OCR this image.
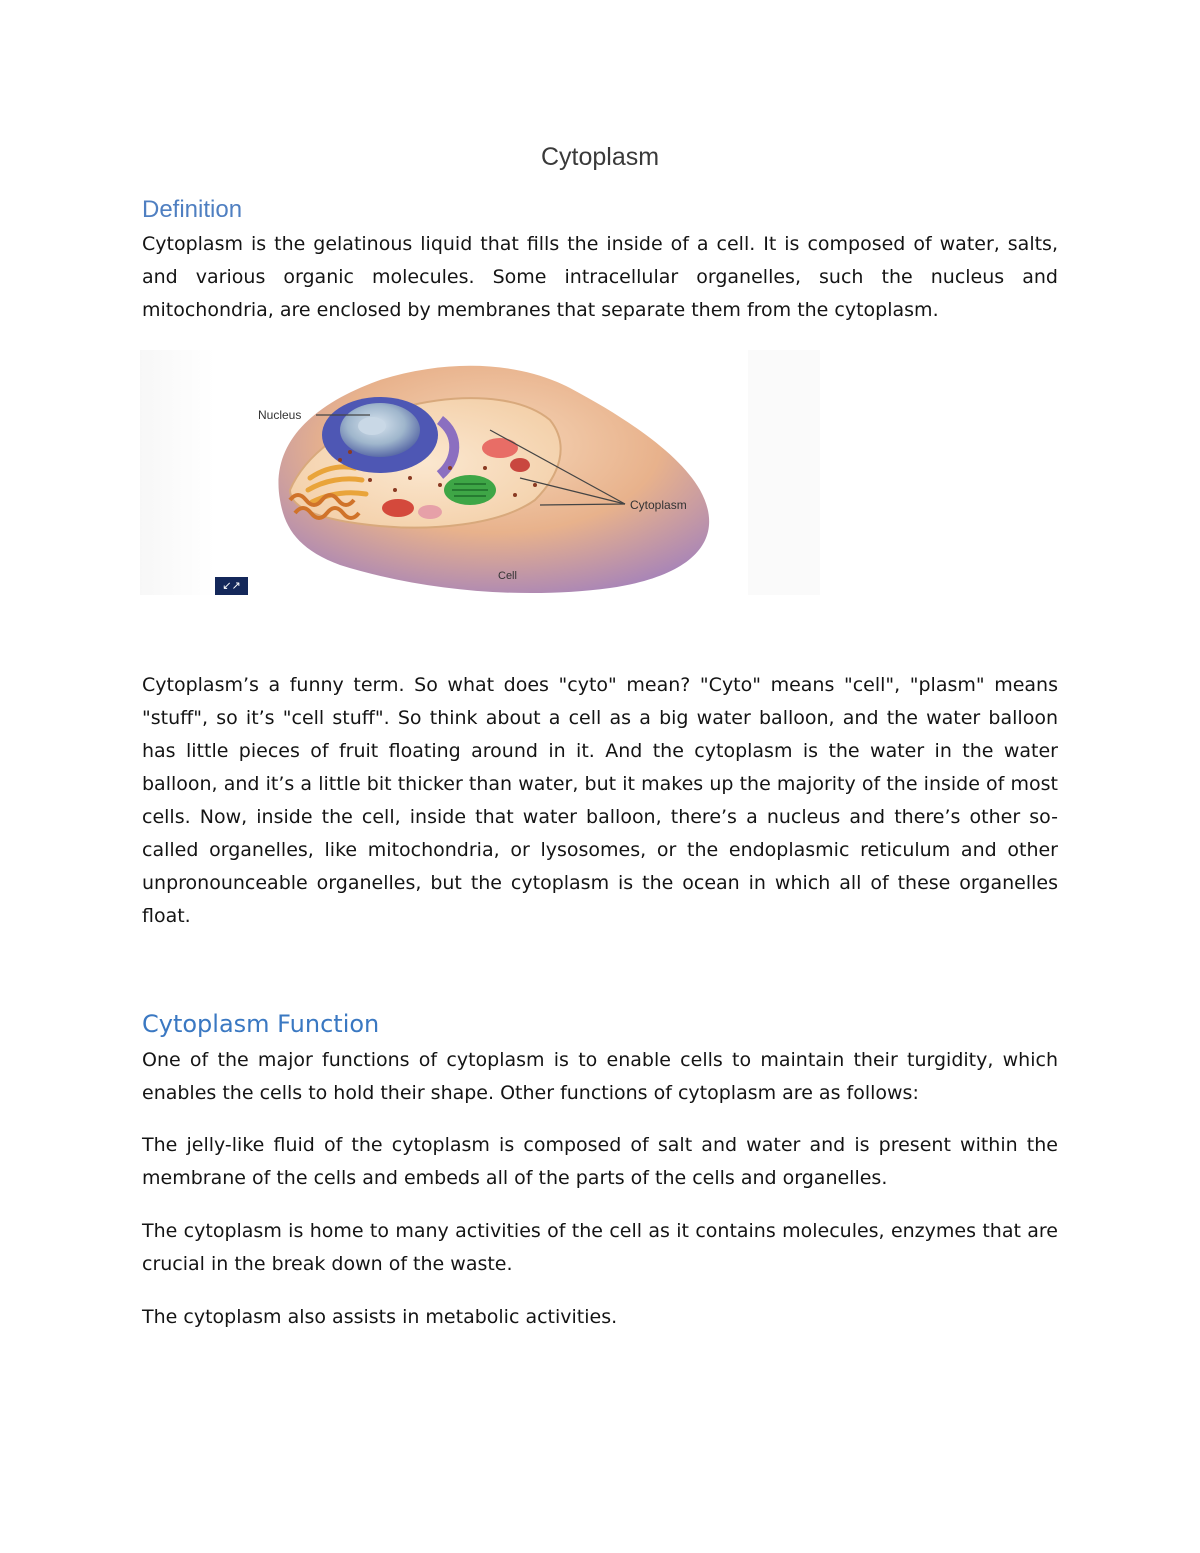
Cytoplasm
Definition

Cytoplasm is the gelatinous liquid that fills the inside of a cell. It is composed of water, salts, and various organic molecules. Some intracellular organelles, such the nucleus and mitochondria, are enclosed by membranes that separate them from the cytoplasm.

Nucleus
Cytoplasm
Cell
↙↗

Cytoplasm’s a funny term. So what does "cyto" mean? "Cyto" means "cell", "plasm" means "stuff", so it’s "cell stuff". So think about a cell as a big water balloon, and the water balloon has little pieces of fruit floating around in it. And the cytoplasm is the water in the water balloon, and it’s a little bit thicker than water, but it makes up the majority of the inside of most cells. Now, inside the cell, inside that water balloon, there’s a nucleus and there’s other so-called organelles, like mitochondria, or lysosomes, or the endoplasmic reticulum and other unpronounceable organelles, but the cytoplasm is the ocean in which all of these organelles float.

Cytoplasm Function

One of the major functions of cytoplasm is to enable cells to maintain their turgidity, which enables the cells to hold their shape. Other functions of cytoplasm are as follows:

The jelly-like fluid of the cytoplasm is composed of salt and water and is present within the membrane of the cells and embeds all of the parts of the cells and organelles.

The cytoplasm is home to many activities of the cell as it contains molecules, enzymes that are crucial in the break down of the waste.

The cytoplasm also assists in metabolic activities.
